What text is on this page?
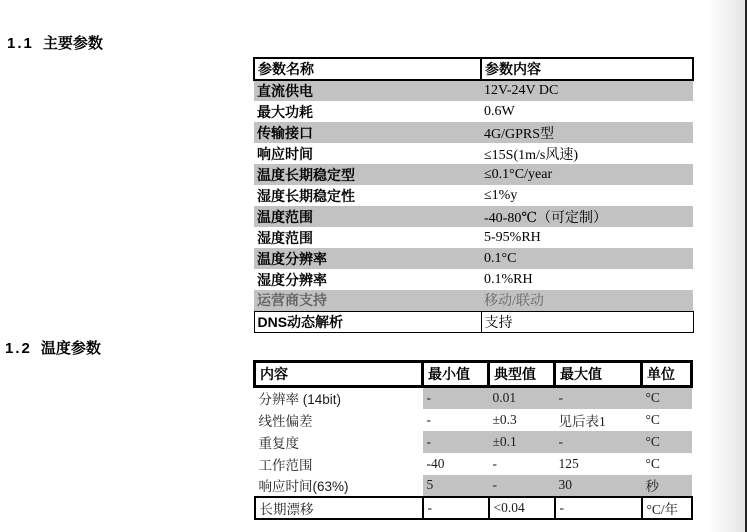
1.1 主要参数
参数名称	参数内容
直流供电	12V-24V DC
最大功耗	0.6W
传输接口	4G/GPRS型
响应时间	≤15S(1m/s风速)
温度长期稳定型	≤0.1°C/year
湿度长期稳定性	≤1%y
温度范围	-40-80℃（可定制）
湿度范围	5-95%RH
温度分辨率	0.1°C
湿度分辨率	0.1%RH
运营商支持	移动/联动
DNS动态解析	支持
1.2 温度参数
内容	最小值	典型值	最大值	单位
分辨率 (14bit)	-	0.01	-	°C
线性偏差	-	±0.3	见后表1	°C
重复度	-	±0.1	-	°C
工作范围	-40	-	125	°C
响应时间(63%)	5	-	30	秒
长期漂移	-	<0.04	-	°C/年
